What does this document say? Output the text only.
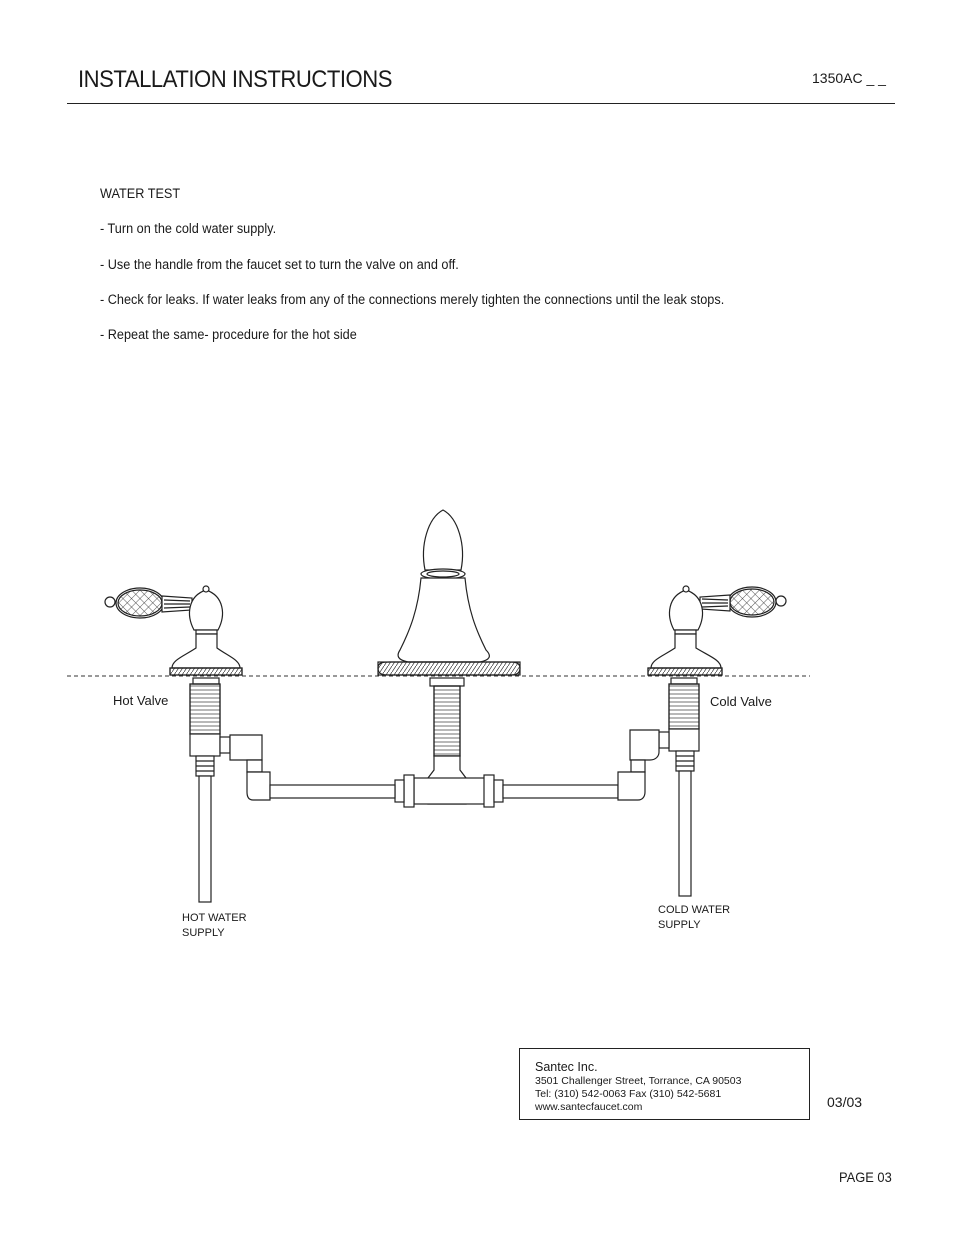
INSTALLATION INSTRUCTIONS	1350AC _ _
WATER TEST
- Turn on the cold water supply.
- Use the handle from the faucet set to turn the valve on and off.
- Check for leaks. If water leaks from any of the connections merely tighten the connections until the leak stops.
- Repeat the same- procedure for the hot side
Hot Valve	Cold Valve
HOT WATER
SUPPLY
COLD WATER
SUPPLY
Santec Inc.
3501 Challenger Street, Torrance, CA 90503
Tel: (310) 542-0063 Fax (310) 542-5681
www.santecfaucet.com	03/03
PAGE 03
